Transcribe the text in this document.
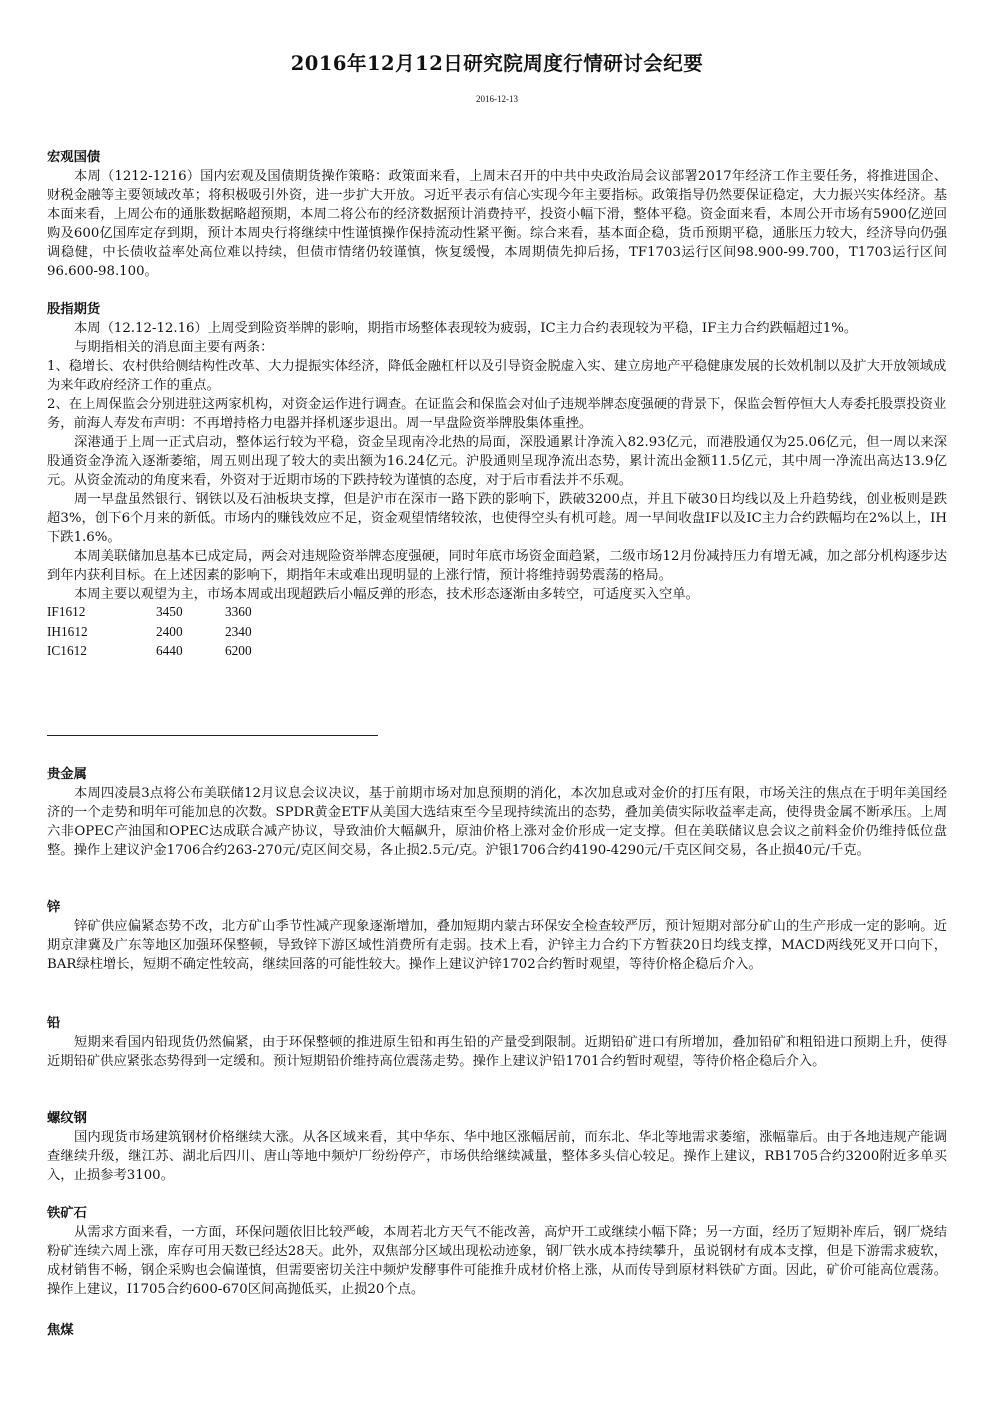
2016年12月12日研究院周度行情研讨会纪要
2016-12-13
宏观国债

本周（1212-1216）国内宏观及国债期货操作策略：政策面来看，上周末召开的中共中央政治局会议部署2017年经济工作主要任务，将推进国企、财税金融等主要领域改革；将积极吸引外资，进一步扩大开放。习近平表示有信心实现今年主要指标。政策指导仍然要保证稳定，大力振兴实体经济。基本面来看，上周公布的通胀数据略超预期，本周二将公布的经济数据预计消费持平，投资小幅下滑，整体平稳。资金面来看，本周公开市场有5900亿逆回购及600亿国库定存到期，预计本周央行将继续中性谨慎操作保持流动性紧平衡。综合来看，基本面企稳，货币预期平稳，通胀压力较大，经济导向仍强调稳健，中长债收益率处高位难以持续，但债市情绪仍较谨慎，恢复缓慢，本周期债先抑后扬，TF1703运行区间98.900-99.700，T1703运行区间96.600-98.100。

股指期货

本周（12.12-12.16）上周受到险资举牌的影响，期指市场整体表现较为疲弱，IC主力合约表现较为平稳，IF主力合约跌幅超过1%。

与期指相关的消息面主要有两条：

1、稳增长、农村供给侧结构性改革、大力提振实体经济，降低金融杠杆以及引导资金脱虚入实、建立房地产平稳健康发展的长效机制以及扩大开放领域成为来年政府经济工作的重点。

2、在上周保监会分别进驻这两家机构，对资金运作进行调查。在证监会和保监会对仙子违规举牌态度强硬的背景下，保监会暂停恒大人寿委托股票投资业务，前海人寿发布声明：不再增持格力电器并择机逐步退出。周一早盘险资举牌股集体重挫。

深港通于上周一正式启动，整体运行较为平稳，资金呈现南冷北热的局面，深股通累计净流入82.93亿元，而港股通仅为25.06亿元，但一周以来深股通资金净流入逐渐萎缩，周五则出现了较大的卖出额为16.24亿元。沪股通则呈现净流出态势，累计流出金额11.5亿元，其中周一净流出高达13.9亿元。从资金流动的角度来看，外资对于近期市场的下跌持较为谨慎的态度，对于后市看法并不乐观。

周一早盘虽然银行、钢铁以及石油板块支撑，但是沪市在深市一路下跌的影响下，跌破3200点，并且下破30日均线以及上升趋势线，创业板则是跌超3%，创下6个月来的新低。市场内的赚钱效应不足，资金观望情绪较浓，也使得空头有机可趁。周一早间收盘IF以及IC主力合约跌幅均在2%以上，IH下跌1.6%。

本周美联储加息基本已成定局，两会对违规险资举牌态度强硬，同时年底市场资金面趋紧，二级市场12月份减持压力有增无减，加之部分机构逐步达到年内获利目标。在上述因素的影响下，期指年末或难出现明显的上涨行情，预计将维持弱势震荡的格局。

本周主要以观望为主，市场本周或出现超跌后小幅反弹的形态，技术形态逐渐由多转空，可适度买入空单。

IF1612	3450	3360
IH1612	2400	2340
IC1612	6440	6200
贵金属

本周四凌晨3点将公布美联储12月议息会议决议，基于前期市场对加息预期的消化，本次加息或对金价的打压有限，市场关注的焦点在于明年美国经济的一个走势和明年可能加息的次数。SPDR黄金ETF从美国大选结束至今呈现持续流出的态势，叠加美债实际收益率走高，使得贵金属不断承压。上周六非OPEC产油国和OPEC达成联合减产协议，导致油价大幅飙升，原油价格上涨对金价形成一定支撑。但在美联储议息会议之前料金价仍维持低位盘整。操作上建议沪金1706合约263-270元/克区间交易，各止损2.5元/克。沪银1706合约4190-4290元/千克区间交易，各止损40元/千克。

锌

锌矿供应偏紧态势不改，北方矿山季节性减产现象逐渐增加，叠加短期内蒙古环保安全检查较严厉，预计短期对部分矿山的生产形成一定的影响。近期京津冀及广东等地区加强环保整顿，导致锌下游区域性消费所有走弱。技术上看，沪锌主力合约下方暂获20日均线支撑，MACD两线死叉开口向下，BAR绿柱增长，短期不确定性较高，继续回落的可能性较大。操作上建议沪锌1702合约暂时观望，等待价格企稳后介入。

铅

短期来看国内铅现货仍然偏紧，由于环保整顿的推进原生铅和再生铅的产量受到限制。近期铅矿进口有所增加，叠加铅矿和粗铅进口预期上升，使得近期铅矿供应紧张态势得到一定缓和。预计短期铅价维持高位震荡走势。操作上建议沪铅1701合约暂时观望，等待价格企稳后介入。

螺纹钢

国内现货市场建筑钢材价格继续大涨。从各区域来看，其中华东、华中地区涨幅居前，而东北、华北等地需求萎缩，涨幅靠后。由于各地违规产能调查继续升级，继江苏、湖北后四川、唐山等地中频炉厂纷纷停产，市场供给继续减量，整体多头信心较足。操作上建议，RB1705合约3200附近多单买入，止损参考3100。

铁矿石

从需求方面来看，一方面，环保问题依旧比较严峻，本周若北方天气不能改善，高炉开工或继续小幅下降；另一方面，经历了短期补库后，钢厂烧结粉矿连续六周上涨，库存可用天数已经达28天。此外，双焦部分区域出现松动迹象，钢厂铁水成本持续攀升，虽说钢材有成本支撑，但是下游需求疲软，成材销售不畅，钢企采购也会偏谨慎，但需要密切关注中频炉发酵事件可能推升成材价格上涨，从而传导到原材料铁矿方面。因此，矿价可能高位震荡。操作上建议，I1705合约600-670区间高抛低买，止损20个点。

焦煤
